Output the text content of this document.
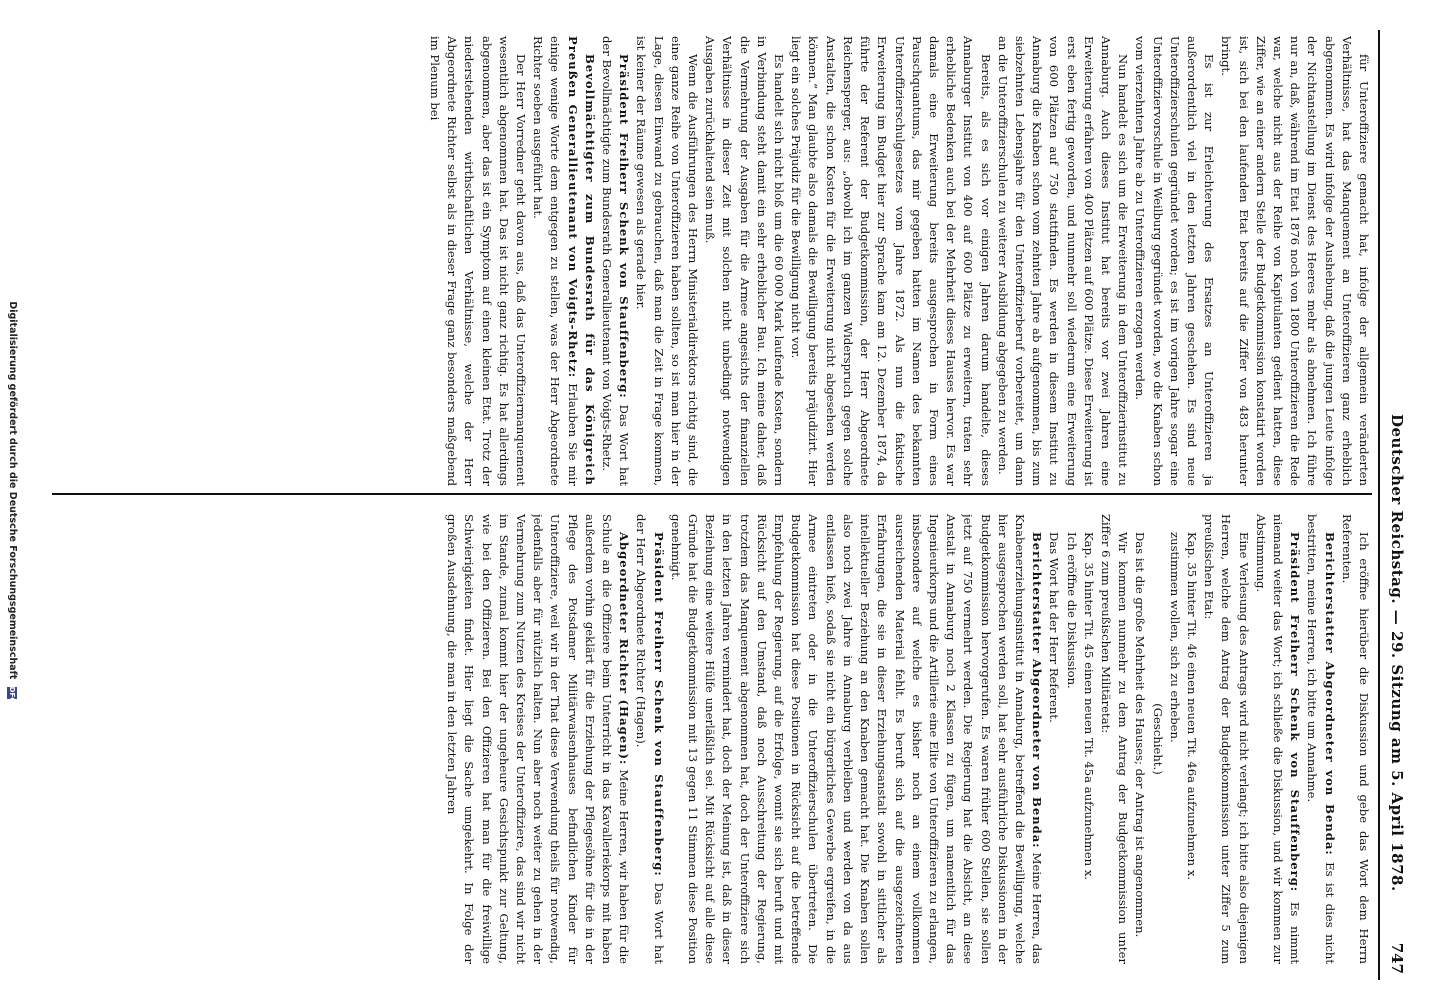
Deutscher Reichstag. — 29. Sitzung am 5. April 1878.
747

für Unteroffiziere gemacht hat, infolge der allgemein veränderten Verhältnisse, hat das Manquement an Unteroffizieren ganz erheblich abgenommen. Es wird infolge der Aushebung, daß die jungen Leute infolge der Nichtanstellung im Dienst des Heeres mehr als abnehmen. Ich führe nur an, daß, während im Etat 1876 noch von 1800 Unteroffizieren die Rede war, welche nicht aus der Reihe von Kapitulanten gedient hatten, diese Ziffer, wie an einer andern Stelle der Budgetkommission konstatirt worden ist, sich bei den laufenden Etat bereits auf die Ziffer von 483 herunter bringt.

Es ist zur Erleichterung des Ersatzes an Unteroffizieren ja außerordentlich viel in den letzten Jahren geschehen. Es sind neue Unteroffizierschulen gegründet worden; es ist im vorigen Jahre sogar eine Unteroffiziervorschule in Weilburg gegründet worden, wo die Knaben schon vom vierzehnten Jahre ab zu Unteroffizieren erzogen werden.

Nun handelt es sich um die Erweiterung in dem Unteroffizierinstitut zu Annaburg. Auch dieses Institut hat bereits vor zwei Jahren eine Erweiterung erfahren von 400 Plätzen auf 600 Plätze. Diese Erweiterung ist erst eben fertig geworden, und nunmehr soll wiederum eine Erweiterung von 600 Plätzen auf 750 stattfinden. Es werden in diesem Institut zu Annaburg die Knaben schon vom zehnten Jahre ab aufgenommen, bis zum siebzehnten Lebensjahre für den Unteroffizierberuf vorbereitet, um dann an die Unteroffizierschulen zu weiterer Ausbildung abgegeben zu werden.

Bereits, als es sich vor einigen Jahren darum handelte, dieses Annaburger Institut von 400 auf 600 Plätze zu erweitern, traten sehr erhebliche Bedenken auch bei der Mehrheit dieses Hauses hervor. Es war damals eine Erweiterung bereits ausgesprochen in Form eines Pauschquantums, das mir gegeben hatten im Namen des bekannten Unteroffizierschulgesetzes vom Jahre 1872. Als nun die faktische Erweiterung im Budget hier zur Sprache kam am 12. Dezember 1874, da führte der Referent der Budgetkommission, der Herr Abgeordnete Reichensperger, aus: „obwohl ich im ganzen Widerspruch gegen solche Anstalten, die schon Kosten für die Erweiterung nicht abgesehen werden können.“ Man glaubte also damals die Bewilligung bereits präjudizirt. Hier liegt ein solches Präjudiz für die Bewilligung nicht vor.

Es handelt sich nicht bloß um die 60 000 Mark laufende Kosten, sondern in Verbindung steht damit ein sehr erheblicher Bau. Ich meine daher, daß die Vermehrung der Ausgaben für die Armee angesichts der finanziellen Verhältnisse in dieser Zeit mit solchen nicht unbedingt notwendigen Ausgaben zurückhaltend sein muß.

Wenn die Ausführungen des Herrn Ministerialdirektors richtig sind, die eine ganze Reihe von Unteroffizieren haben sollten, so ist man hier in der Lage, diesen Einwand zu gebrauchen, daß man die Zeit in Frage kommen, ist keiner der Räume gewesen als gerade hier.

Präsident Freiherr Schenk von Stauffenberg: Das Wort hat der Bevollmächtigte zum Bundesrath Generallieutenant von Voigts-Rhetz.

Bevollmächtigter zum Bundesrath für das Königreich Preußen Generallieutenant von Voigts-Rhetz: Erlauben Sie mir einige wenige Worte dem entgegen zu stellen, was der Herr Abgeordnete Richter soeben ausgeführt hat.

Der Herr Vorredner geht davon aus, daß das Unteroffiziermanquement wesentlich abgenommen hat. Das ist nicht ganz richtig. Es hat allerdings abgenommen, aber das ist ein Symptom auf einen kleinen Etat. Trotz der niederstehenden wirthschaftlichen Verhältnisse, welche der Herr Abgeordnete Richter selbst als in dieser Frage ganz besonders maßgebend im Plenum bei

Ich eröffne hierüber die Diskussion und gebe das Wort dem Herrn Referenten.

Berichterstatter Abgeordneter von Benda: Es ist dies nicht bestritten, meine Herren, ich bitte um Annahme.

Präsident Freiherr Schenk von Stauffenberg: Es nimmt niemand weiter das Wort; ich schließe die Diskussion, und wir kommen zur Abstimmung.

Eine Verlesung des Antrags wird nicht verlangt; ich bitte also diejenigen Herren, welche dem Antrag der Budgetkommission unter Ziffer 5 zum preußischen Etat:

Kap. 35 hinter Tit. 46 einen neuen Tit. 46a aufzunehmen x.

zustimmen wollen, sich zu erheben.

(Geschieht.)

Das ist die große Mehrheit des Hauses; der Antrag ist angenommen.

Wir kommen nunmehr zu dem Antrag der Budgetkommission unter Ziffer 6 zum preußischen Militäretat:

Kap. 35 hinter Tit. 45 einen neuen Tit. 45a aufzunehmen x.

Ich eröffne die Diskussion.

Das Wort hat der Herr Referent.

Berichterstatter Abgeordneter von Benda: Meine Herren, das Knabenerziehungsinstitut in Annaburg, betreffend die Bewilligung, welche hier ausgesprochen werden soll, hat sehr ausführliche Diskussionen in der Budgetkommission hervorgerufen. Es waren früher 600 Stellen, sie sollen jetzt auf 750 vermehrt werden. Die Regierung hat die Absicht, an diese Anstalt in Annaburg noch 2 Klassen zu fügen, um namentlich für das Ingenieurkorps und die Artillerie eine Elite von Unteroffizieren zu erlangen, insbesondere auf welche es bisher noch an einem vollkommen ausreichenden Material fehlt. Es beruft sich auf die ausgezeichneten Erfahrungen, die sie in dieser Erziehungsanstalt sowohl in sittlicher als intellektueller Beziehung an den Knaben gemacht hat. Die Knaben sollen also noch zwei Jahre in Annaburg verbleiben und werden von da aus entlassen hieß, sodaß sie nicht ein bürgerliches Gewerbe ergreifen, in die Armee eintreten oder in die Unteroffizierschulen übertreten. Die Budgetkommission hat diese Positionen in Rücksicht auf die betreffende Empfehlung der Regierung, auf die Erfolge, womit sie sich beruft und mit Rücksicht auf den Umstand, daß noch Ausschreitung der Regierung, trotzdem das Manquement abgenommen hat, doch der Unteroffiziere sich in den letzten Jahren vermindert hat, doch der Meinung ist, daß in dieser Beziehung eine weitere Hülfe unerläßlich sei. Mit Rücksicht auf alle diese Gründe hat die Budgetkommission mit 13 gegen 11 Stimmen diese Position genehmigt.

Präsident Freiherr Schenk von Stauffenberg: Das Wort hat der Herr Abgeordnete Richter (Hagen).

Abgeordneter Richter (Hagen): Meine Herren, wir haben für die Schule an die Offiziere beim Unterricht in das Kavalleriekorps mit haben außerdem vorhin geklärt für die Erziehung der Pflegesöhne für die in der Pflege des Potsdamer Militärwaisenhauses befindlichen Kinder für Unteroffiziere, weil wir in der That diese Verwendung theils für notwendig, jedenfalls aber für nützlich halten. Nun aber noch weiter zu gehen in der Vermehrung zum Nutzen des Kreises der Unteroffiziere, das sind wir nicht im Stande, zumal kommt hier der ungeheure Gesichtspunkt zur Geltung, wie bei den Offizieren. Bei den Offizieren hat man für die freiwillige Schwierigkeiten findet. Hier liegt die Sache umgekehrt. In Folge der großen Ausdehnung, die man in den letzten Jahren

Digitalisierung gefördert durch die Deutsche Forschungsgemeinschaft DFG
